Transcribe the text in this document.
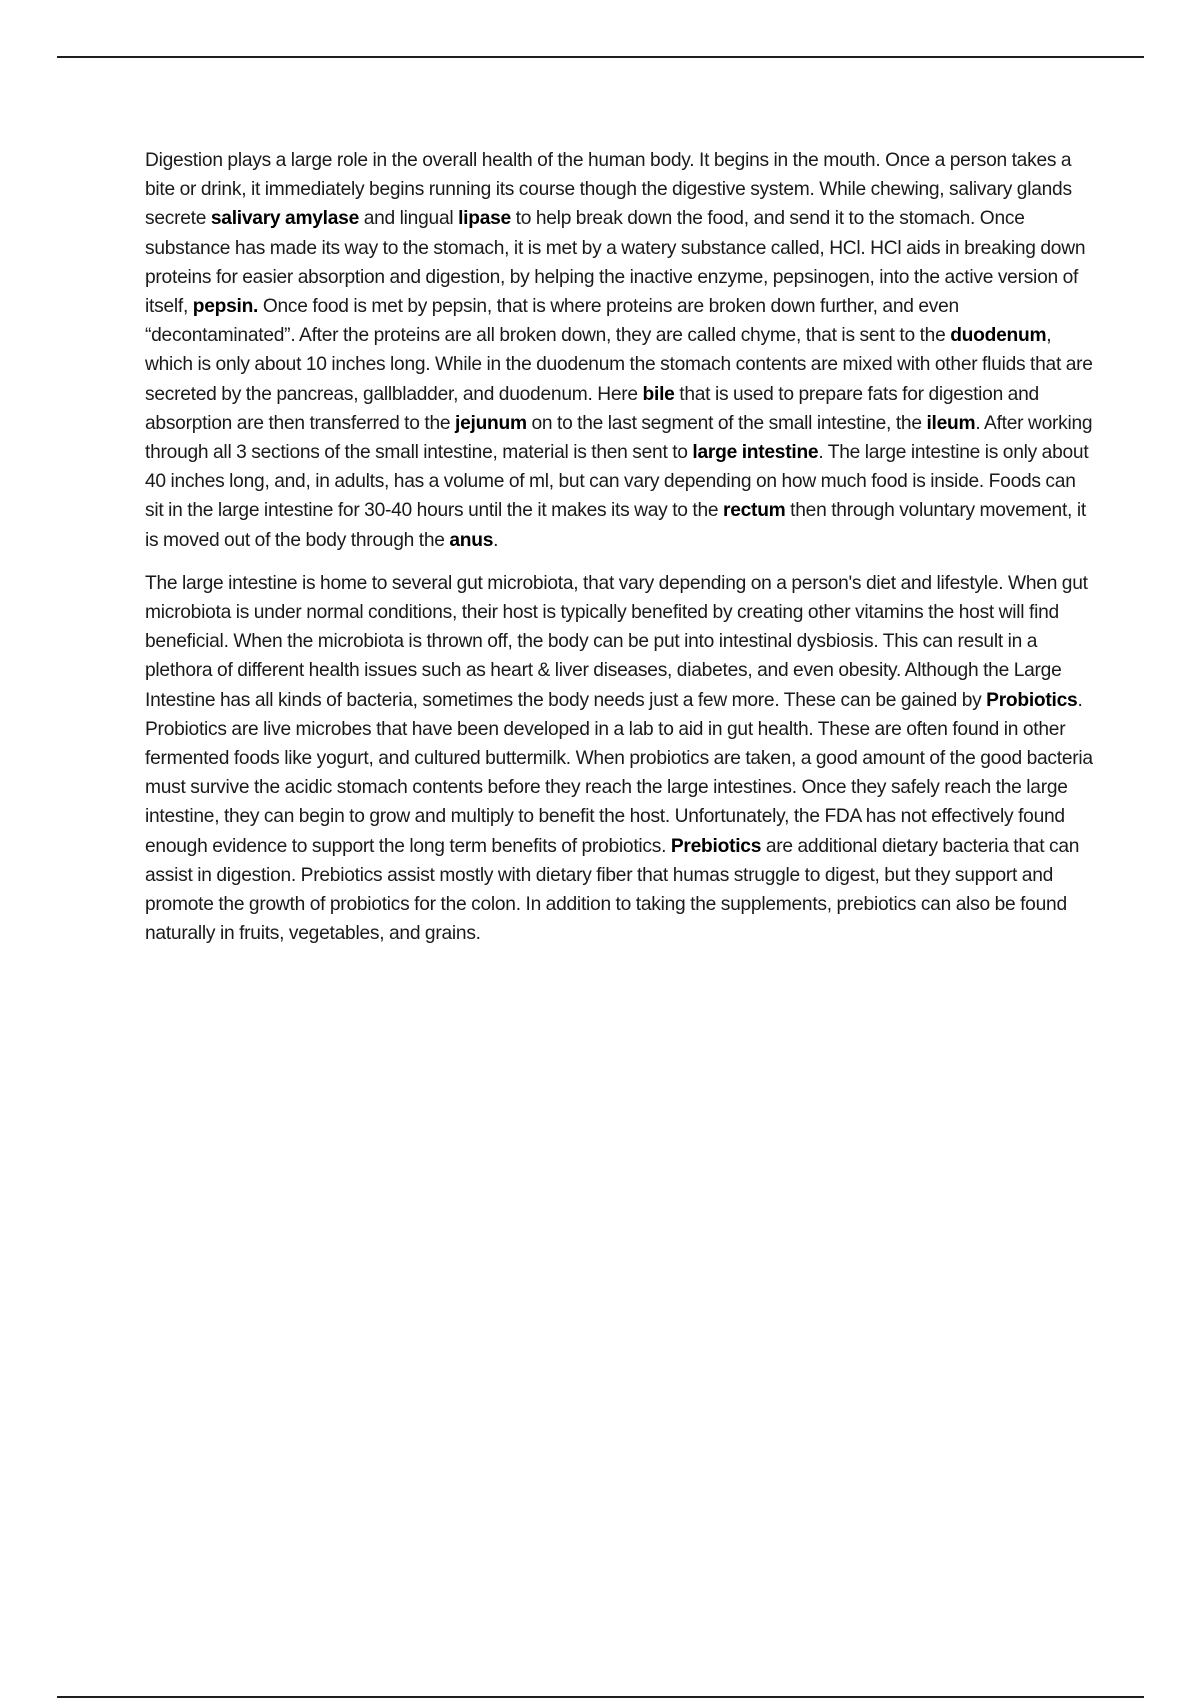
Digestion plays a large role in the overall health of the human body. It begins in the mouth. Once a person takes a bite or drink, it immediately begins running its course though the digestive system. While chewing, salivary glands secrete salivary amylase and lingual lipase to help break down the food, and send it to the stomach. Once substance has made its way to the stomach, it is met by a watery substance called, HCl. HCl aids in breaking down proteins for easier absorption and digestion, by helping the inactive enzyme, pepsinogen, into the active version of itself, pepsin. Once food is met by pepsin, that is where proteins are broken down further, and even “decontaminated”. After the proteins are all broken down, they are called chyme, that is sent to the duodenum, which is only about 10 inches long. While in the duodenum the stomach contents are mixed with other fluids that are secreted by the pancreas, gallbladder, and duodenum. Here bile that is used to prepare fats for digestion and absorption are then transferred to the jejunum on to the last segment of the small intestine, the ileum. After working through all 3 sections of the small intestine, material is then sent to large intestine. The large intestine is only about 40 inches long, and, in adults, has a volume of ml, but can vary depending on how much food is inside. Foods can sit in the large intestine for 30-40 hours until the it makes its way to the rectum then through voluntary movement, it is moved out of the body through the anus.

The large intestine is home to several gut microbiota, that vary depending on a person's diet and lifestyle. When gut microbiota is under normal conditions, their host is typically benefited by creating other vitamins the host will find beneficial. When the microbiota is thrown off, the body can be put into intestinal dysbiosis. This can result in a plethora of different health issues such as heart & liver diseases, diabetes, and even obesity. Although the Large Intestine has all kinds of bacteria, sometimes the body needs just a few more. These can be gained by Probiotics. Probiotics are live microbes that have been developed in a lab to aid in gut health. These are often found in other fermented foods like yogurt, and cultured buttermilk. When probiotics are taken, a good amount of the good bacteria must survive the acidic stomach contents before they reach the large intestines. Once they safely reach the large intestine, they can begin to grow and multiply to benefit the host. Unfortunately, the FDA has not effectively found enough evidence to support the long term benefits of probiotics. Prebiotics are additional dietary bacteria that can assist in digestion. Prebiotics assist mostly with dietary fiber that humas struggle to digest, but they support and promote the growth of probiotics for the colon. In addition to taking the supplements, prebiotics can also be found naturally in fruits, vegetables, and grains.
